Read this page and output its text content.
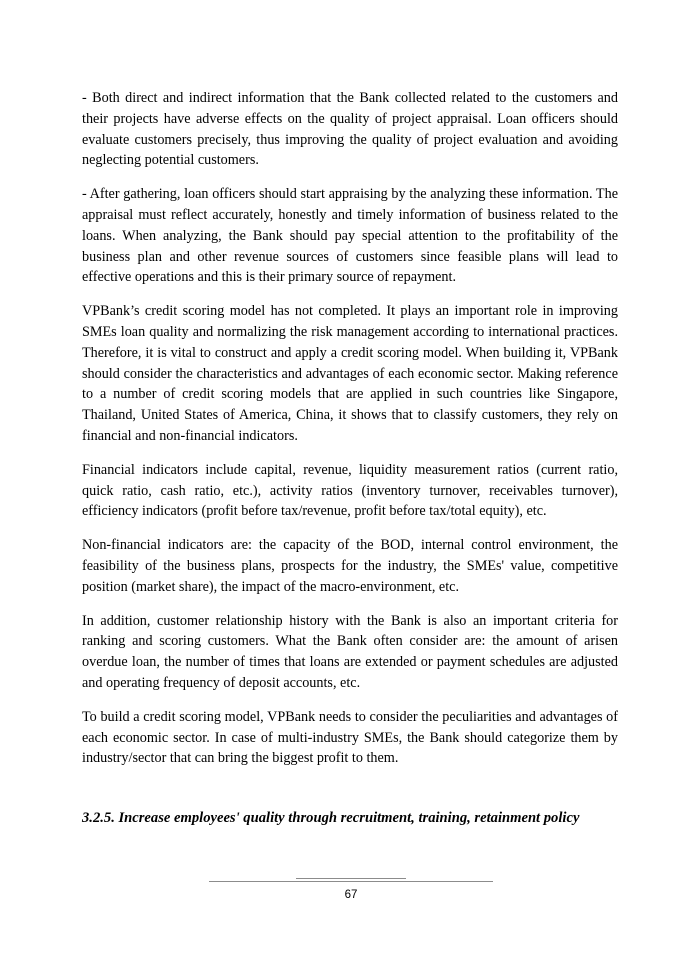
- Both direct and indirect information that the Bank collected related to the customers and their projects have adverse effects on the quality of project appraisal. Loan officers should evaluate customers precisely, thus improving the quality of project evaluation and avoiding neglecting potential customers.

- After gathering, loan officers should start appraising by the analyzing these information. The appraisal must reflect accurately, honestly and timely information of business related to the loans. When analyzing, the Bank should pay special attention to the profitability of the business plan and other revenue sources of customers since feasible plans will lead to effective operations and this is their primary source of repayment.

VPBank’s credit scoring model has not completed. It plays an important role in improving SMEs loan quality and normalizing the risk management according to international practices. Therefore, it is vital to construct and apply a credit scoring model. When building it, VPBank should consider the characteristics and advantages of each economic sector. Making reference to a number of credit scoring models that are applied in such countries like Singapore, Thailand, United States of America, China, it shows that to classify customers, they rely on financial and non-financial indicators.

Financial indicators include capital, revenue, liquidity measurement ratios (current ratio, quick ratio, cash ratio, etc.), activity ratios (inventory turnover, receivables turnover), efficiency indicators (profit before tax/revenue, profit before tax/total equity), etc.

Non-financial indicators are: the capacity of the BOD, internal control environment, the feasibility of the business plans, prospects for the industry, the SMEs' value, competitive position (market share), the impact of the macro-environment, etc.

In addition, customer relationship history with the Bank is also an important criteria for ranking and scoring customers. What the Bank often consider are: the amount of arisen overdue loan, the number of times that loans are extended or payment schedules are adjusted and operating frequency of deposit accounts, etc.

To build a credit scoring model, VPBank needs to consider the peculiarities and advantages of each economic sector. In case of multi-industry SMEs, the Bank should categorize them by industry/sector that can bring the biggest profit to them.

3.2.5. Increase employees' quality through recruitment, training, retainment policy
67
